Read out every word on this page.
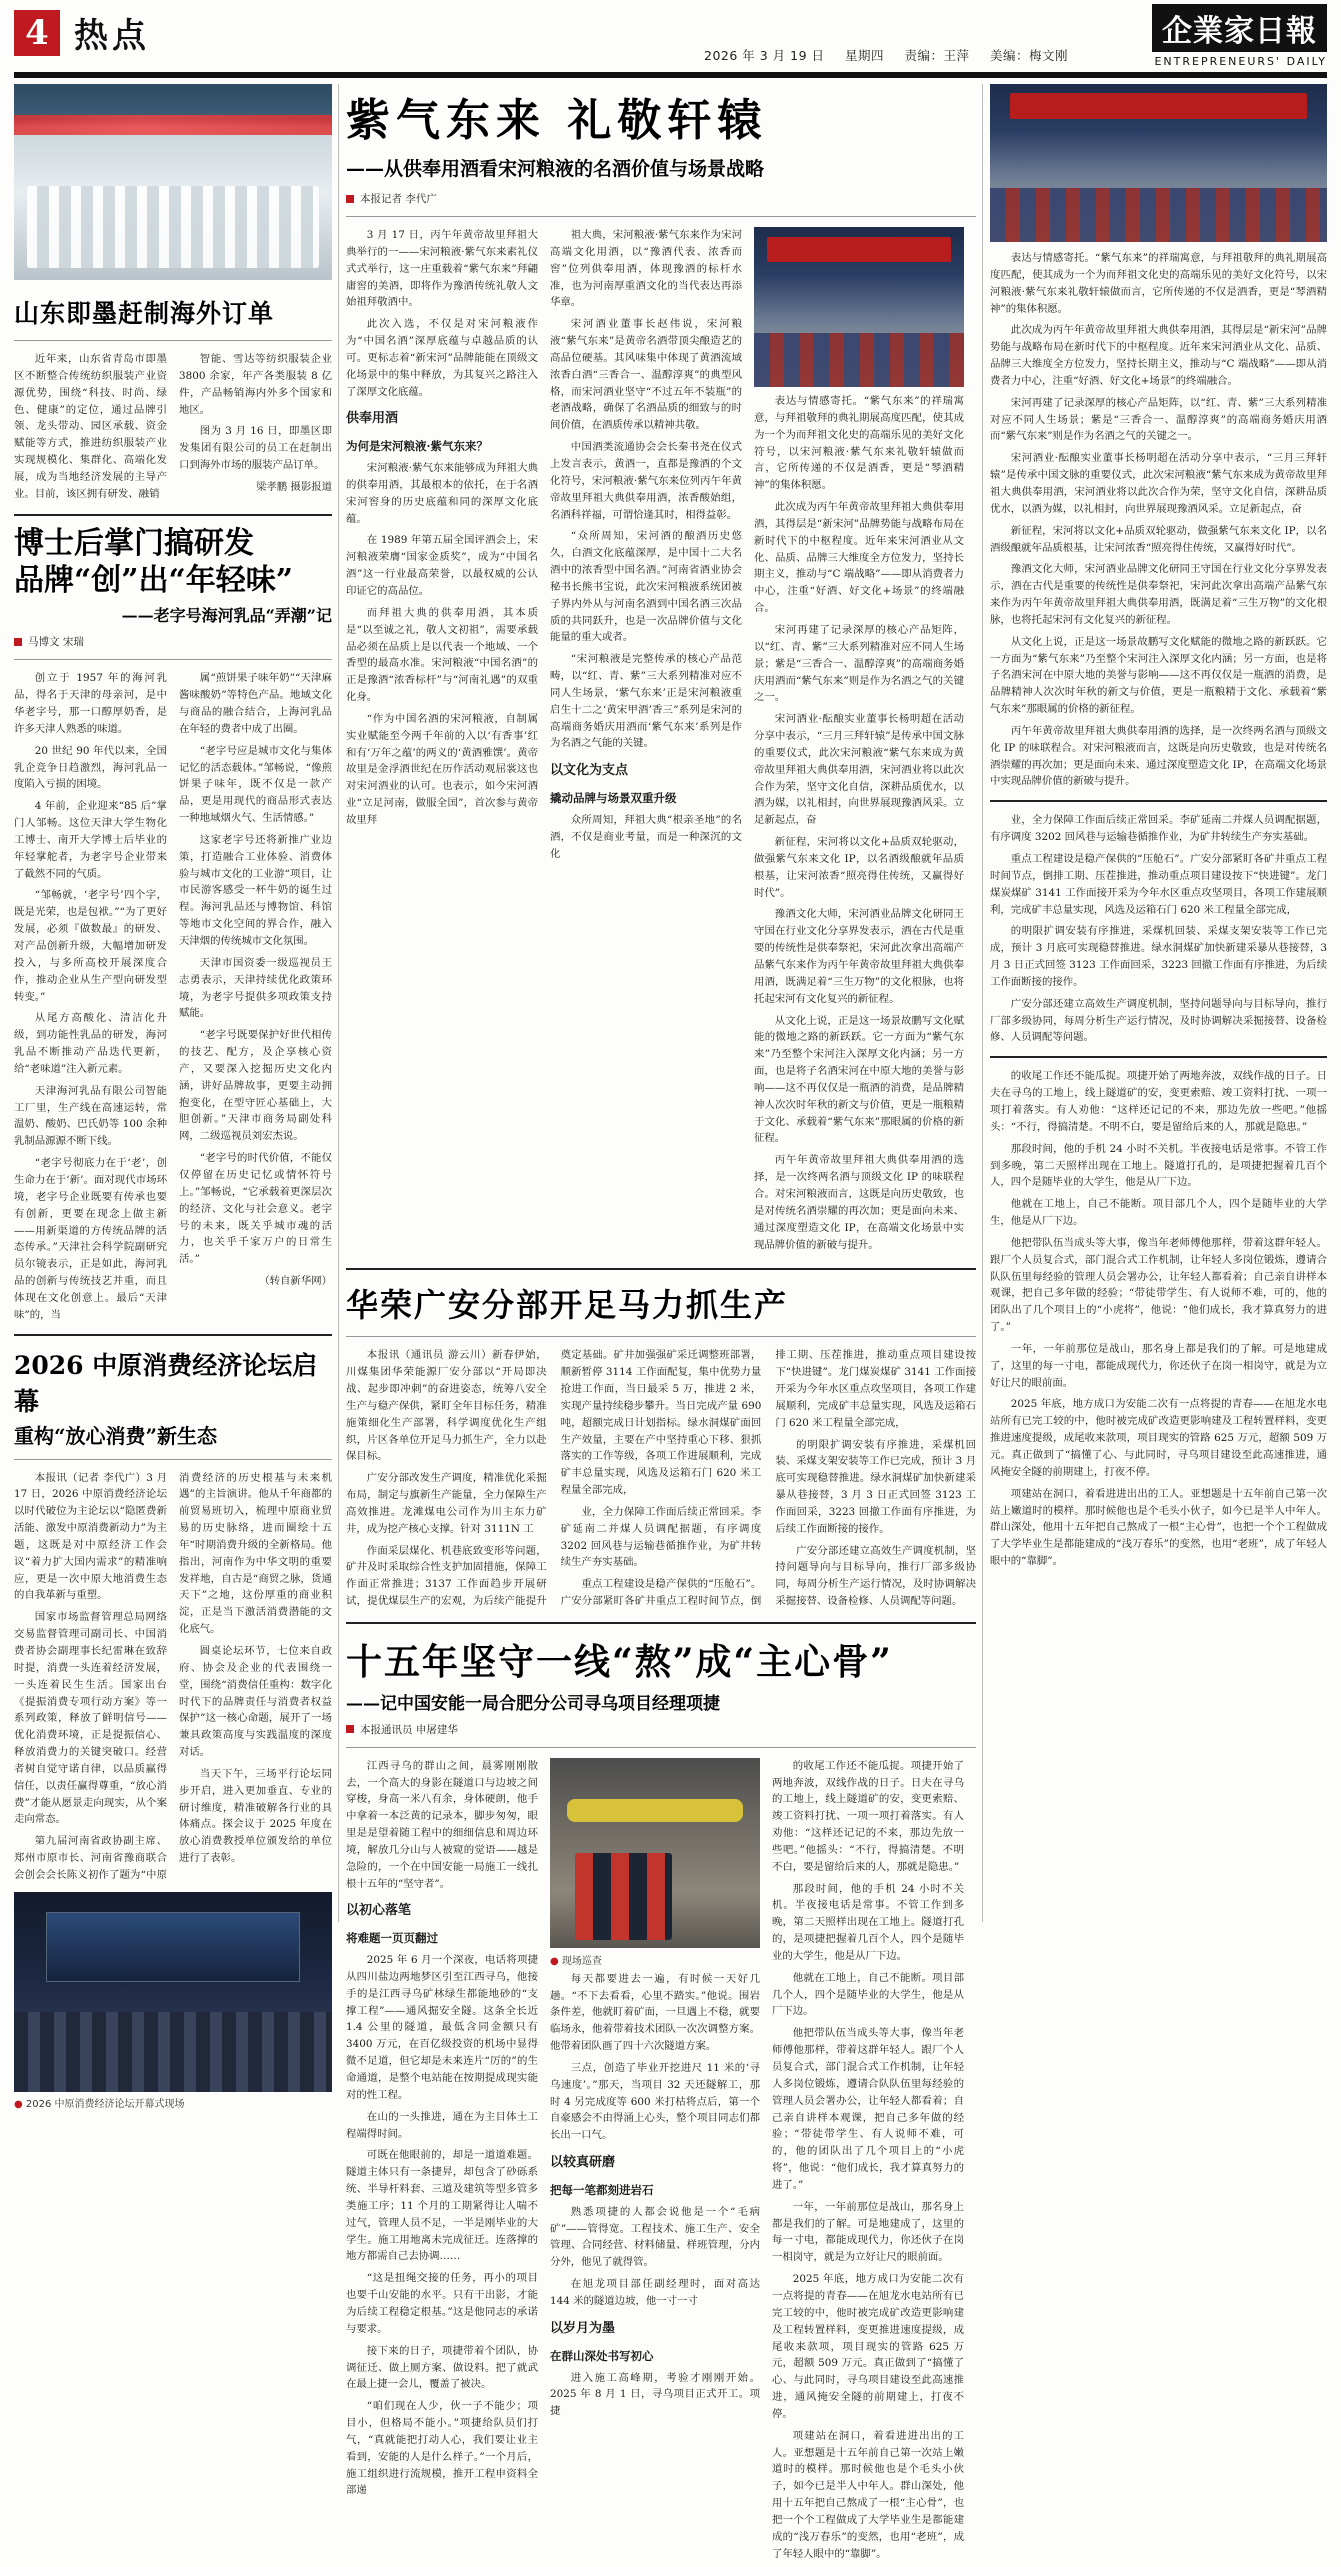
4 热点	2026 年 3 月 19 日 星期四 责编：王萍 美编：梅文刚
企業家日報
ENTREPRENEURS' DAILY
山东即墨赶制海外订单

近年来，山东省青岛市即墨区不断整合传统纺织服装产业资源优势，围绕“科技、时尚、绿色、健康”的定位，通过品牌引领、龙头带动、园区承载、资金赋能等方式，推进纺织服装产业实现规模化、集群化、高端化发展，成为当地经济发展的主导产业。目前，该区拥有研发、融销

智能、雪达等纺织服装企业 3800 余家，年产各类服装 8 亿件，产品畅销海内外多个国家和地区。

图为 3 月 16 日，即墨区即发集团有限公司的员工在赶制出口到海外市场的服装产品订单。

梁孝鹏 摄影报道

博士后掌门搞研发
品牌“创”出“年轻味”
——老字号海河乳品“弄潮”记
马博文 宋瑞

创立于 1957 年的海河乳品，得名于天津的母亲河，是中华老字号，那一口醇厚奶香，是许多天津人熟悉的味道。

20 世纪 90 年代以来，全国乳企竞争日趋激烈，海河乳品一度陷入亏损的困境。

4 年前，企业迎来“85 后”掌门人邹畅。这位天津大学生物化工博士、南开大学博士后毕业的年轻掌舵者，为老字号企业带来了截然不同的气质。

“邹畅就，‘老字号’四个字，既是光荣，也是包袱。”“为了更好发展，必须『做数最』的研发、对产品创新升级，大幅增加研发投入，与多所高校开展深度合作，推动企业从生产型向研发型转变。”

从尾方高酸化、清洁化升级，到功能性乳品的研发，海河乳品不断推动产品迭代更新，给“老味道”注入新元素。

天津海河乳品有限公司智能工厂里，生产线在高速运转，常温奶、酸奶、巴氏奶等 100 余种乳制品源源不断下线。

“老字号彻底力在于‘老’，创生命力在于‘新’。面对现代市场环境，老字号企业既要有传承也要有创新，更要在现念上做主新——用新渠道的方传统品牌的活态传承。”天津社会科学院副研究员尔镜表示，正是如此，海河乳品的创新与传统技艺并重，而且体现在文化创意上。最后“天津味”的，当

属“煎饼果子味年奶”“天津麻酱味酸奶”等特色产品。地域文化与商品的融合结合，上海河乳品在年轻的费者中成了出圈。

“老字号应是城市文化与集体记忆的活态载体。”邹畅说，“像煎饼果子味年，既不仅是一款产品，更是用现代的商品形式表达一种地域烟火气、生活情感。”

这家老字号还将新推广业边策，打造融合工业体验、消费体验与城市文化的工业游“项目，让市民游客感受一杯牛奶的诞生过程。海河乳品还与博物馆、科馆等地市文化空间的界合作，融入天津烟的传统城市文化氛围。

天津市国资委一级巡视员王志勇表示，天津持续优化政策环境，为老字号提供多项政策支持赋能。

“老字号既要保护好世代相传的技艺、配方，及企享核心资产，又要深入挖掘历史文化内涵，讲好品牌故事，更要主动拥抱变化，在型守匠心基础上，大胆创新。”天津市商务局副处科网，二级巡视员刘宏杰说。

“老字号的时代价值，不能仅仅停留在历史记忆或情怀符号上。”邹畅说，“它承载着更深层次的经济、文化与社会意义。老字号的未来，既关乎城市魂的活力，也关乎千家万户的日常生活。”

（转自新华网）

2026 中原消费经济论坛启幕
重构“放心消费”新生态

本报讯（记者 李代广）3 月 17 日，2026 中原消费经济论坛以时代破位为主论坛以“隐匿费新活能、激发中原消费新动力”为主题，这既是对中原经济工作会议“着力扩大国内需求”的精准响应，更是一次中原大地消费生态的自我革新与重塑。

国家市场监督管理总局网络交易监督管理司副司长、中国消费者协会副理事长纪雷琳在致辞时提，消费一头连着经济发展，一头连着民生生活。国家出台《提振消费专项行动方案》等一系列政策，释放了鲜明信号——优化消费环境，正是提振信心、释放消费力的关键突破口。经营者树自觉守诺自律，以品质赢得信任，以责任赢得尊重，“放心消费”才能从愿景走向现实，从个案走向常态。

第九届河南省政协副主席、郑州市原市长、河南省豫商联合会创会会长陈义初作了题为“中原消费经济的历史根基与未来机遇”的主旨演讲。他从千年商都的前贸易班切入，梳理中原商业贸易的历史脉络，进而圈绘十五年“时期消费升级的全新格局。他指出，河南作为中华文明的重要发祥地，自古是“商贸之脉，货通天下”之地，这份厚重的商业积淀，正是当下激活消费潜能的文化底气。

圆桌论坛环节，七位来自政府、协会及企业的代表围绕一堂，围绕“消费信任重构：数字化时代下的品牌责任与消费者权益保护”这一核心命题，展开了一场兼具政策高度与实践温度的深度对话。

当天下午，三场平行论坛同步开启，进入更加垂直、专业的研讨维度，精准破解各行业的具体痛点。探会议于 2025 年度在放心消费教授单位颁发给的单位进行了表彰。

● 2026 中原消费经济论坛开幕式现场
紫气东来 礼敬轩辕
——从供奉用酒看宋河粮液的名酒价值与场景战略
本报记者 李代广

3 月 17 日，丙午年黄帝故里拜祖大典举行的一——宋河粮液·紫气东来素礼仪式式举行，这一庄重载着“紫气东来”拜翩庸窖的美酒，即将作为豫酒传统礼敬人文始祖拜敬酒中。

此次入选，不仅是对宋河粮液作为“中国名酒”深厚底蕴与卓越品质的认可。更标志着“新宋河”品牌能能在顶级文化场景中的集中释放，为其复兴之路注入了深厚文化底蕴。

供奉用酒
为何是宋河粮液·紫气东来？

宋河粮液·紫气东来能够成为拜祖大典的供奉用酒，其最根本的依托，在于名酒宋河窖身的历史底蕴和同的深厚文化底蕴。

在 1989 年第五届全国评酒会上，宋河粮液荣膺“国家金质奖”，成为“中国名酒”这一行业最高荣誉，以最权威的公认印证它的高品位。

而拜祖大典的供奉用酒，其本质是“以至诚之礼，敬人文初祖”，需要承载品必须在品质上是以代表一个地域、一个香型的最高水准。宋河粮液“中国名酒”的正是豫酒“浓香标杆”与“河南礼遇”的双重化身。

“作为中国名酒的宋河粮液，自制属实业赋能至今两千年前的入以‘有香事’红和有‘万年之蕴’的两义的‘黄酒雅馔’。黄帝故里是金浮酒世纪在历作活动观屈裳这也对宋河酒业的认可。也表示，如今宋河酒业“立足河南，做服全国”，首次参与黄帝故里拜

祖大典，宋河粮液·紫气东来作为宋河高端文化用酒，以“豫酒代表、浓香而窖”位列供奉用酒，体现豫酒的标杆水准，也为河南厚重酒文化的当代表达再添华章。

宋河酒业董事长赵伟说，宋河粮液“紫气东来”是黄帝名酒带顶尖酿造艺的高品位硬基。其风味集中体现了黄酒流域浓香白酒“三香合一、温醇淳爽”的典型风格，而宋河酒业坚守“不过五年不装瓶”的老酒战略，确保了名酒品质的细致与的时间价值，在酒质传承以精神共敬。

中国酒类流通协会会长秦书尧在仪式上发言表示，黄酒一，直都是豫酒的个文化符号，宋河粮液·紫气东来位列丙午年黄帝故里拜祖大典供奉用酒，浓香酸始组，名酒科祥福，可谓恰逢其时，相得益彰。

“众所周知，宋河酒的酿酒历史悠久，白酒文化底蕴深厚，是中国十二大名酒中的浓香型中国名酒。”河南省酒业协会秘书长熊书宝说，此次宋河粮液系统团被子界内外从与河南名酒到中国名酒三次品质的共同跃升，也是一次品牌价值与文化能量的重大或者。

“宋河粮液是完整传承的核心产品范畴，以“红、青、紫”三大系列精准对应不同人生场景，‘紫气东来’正是宋河粮液重启生十二之‘黄宋甲酒’香三”系列是宋河的高端商务婚庆用酒而‘紫气东来’系列是作为名酒之气能的关键。

以文化为支点
撬动品牌与场景双重升级

众所周知，拜祖大典“根亲圣地”的名酒，不仅是商业考量，而是一种深沉的文化

表达与情感寄托。“紫气东来”的祥瑞寓意，与拜祖敬拜的典礼期展高度匹配，使其成为一个为而拜祖文化史的高端乐见的美好文化符号，以宋河粮液·紫气东来礼敬轩辕做而言，它所传递的不仅是酒香，更是“琴酒精神”的集体积愿。

此次成为丙午年黄帝故里拜祖大典供奉用酒，其得层是“新宋河”品牌势能与战略布局在新时代下的中枢程度。近年来宋河酒业从文化、品质、品牌三大维度全方位发力，坚持长期主义，推动与“C 端战略”——即从消费者力中心，注重“好酒、好文化+场景”的终端融合。

宋河再建了记录深厚的核心产品矩阵，以“红、青、紫”三大系列精准对应不同人生场景；紫是“三香合一、温醇淳爽”的高端商务婚庆用酒而“紫气东来”则是作为名酒之气的关键之一。

宋河酒业·酝酿实业董事长杨明超在活动分享中表示，“三月三拜轩辕”是传承中国文脉的重要仪式，此次宋河粮液“紫气东来成为黄帝故里拜祖大典供奉用酒，宋河酒业将以此次合作为荣，坚守文化自信，深耕品质优水，以酒为媒，以礼相封，向世界展现豫酒风采。立足新起点，奋

新征程，宋河将以文化+品质双轮驱动，做强紫气东来文化 IP，以名酒级酿就年品质根基，让宋河浓香“照亮得住传统，又赢得好时代”。

豫酒文化大师，宋河酒业品牌文化研同王守国在行业文化分享界发表示，酒在古代是重要的传统性是供奉祭祀，宋河此次拿出高端产品紫气东来作为丙午年黄帝故里拜祖大典供奉用酒，既满足着“三生万物”的文化根脉，也将托起宋河有文化复兴的新征程。

从文化上说，正是这一场景故鹏写文化赋能的微地之路的新跃跃。它一方面为“紫气东来”乃至整个宋河注入深厚文化内涵；另一方面，也是将子名酒宋河在中原大地的美誉与影响——这不再仅仅是一瓶酒的消费，是品牌精神人次次时年秋的新文与价值，更是一瓶粮精于文化、承载着“紫气东来”那眼属的价格的新征程。

丙午年黄帝故里拜祖大典供奉用酒的选择，是一次终两名酒与顶级文化 IP 的味联程合。对宋河粮液而言，这既是向历史敬致，也是对传统名酒崇耀的再次加；更是面向未来、通过深度塑造文化 IP，在高端文化场景中实现品牌价值的新破与提升。

华荣广安分部开足马力抓生产

本报讯（通讯员 游云川）新春伊始，川煤集团华荣能源厂安分部以“开局即决战、起步即冲刺”的奋进姿态，统筹八安全生产与稳产保供，紧盯全年目标任务，精准施策细化生产部署，科学调度优化生产组织，片区各单位开足马力抓生产，全力以赴保目标。

广安分部改发生产调度，精准优化采掘布局，制定与旗新生产能量，全力保障生产高效推进。龙滩煤电公司作为川主东力矿井，成为挖产核心支撑。针对 3111N 工

作面采层煤化、机巷底致变形等问题，矿井及时采取综合性支护加固措施，保障工作面正常推进；3137 工作面趋步开展研试，提优煤层生产的宏观，为后续产能提升奠定基础。矿井加强强矿采迁调整班部署，顺新暂停 3114 工作面配复，集中优势力量抢进工作面，当日最采 5 万，推进 2 米，实现产量持续稳步攀升。当日完成产量 690 吨，超额完成日计划指标。绿水洞煤矿面回生产效量，主要在产中坚持重心下移、狠抓落实的工作等级，各项工作进展顺利，完成矿丰总量实现，风选及运箱石门 620 米工程量全部完成，

业，全力保障工作面后续正常回采。李矿延南二并煤人员调配据题，有序调度 3202 回风巷与运输巷循推作业，为矿井转续生产夯实基础。

重点工程建设是稳产保供的“压舱石”。广安分部紧盯各矿井重点工程时间节点，倒排工期、压茬推进，推动重点项目建设按下“快进键”。龙门煤炭煤矿 3141 工作面接开采为今年水区重点攻坚项目，各项工作建展顺利，完成矿丰总量实现，风选及运箱石门 620 米工程量全部完成，

的明限扩调安装有序推进，采煤机回装、采煤支架安装等工作已完成，预计 3 月底可实现稳替推进。绿水洞煤矿加快新建采暴从巷接替，3 月 3 日正式回签 3123 工作面回采，3223 回撤工作面有序推进，为后续工作面断接的接作。

广安分部还建立高效生产调度机制，坚持问题导向与目标导向，推行厂部多级协同，每周分析生产运行情况，及时协调解决采掘接替、设备检修、人员调配等问题。

十五年坚守一线“熬”成“主心骨”
——记中国安能一局合肥分公司寻乌项目经理项捷
本报通讯员 申屠建华

江西寻乌的群山之间，晨雾刚刚散去，一个高大的身影在隧道口与边坡之间穿梭，身高一米八有余，身体硬朗，他手中拿着一本泛黄的记录本，脚步匆匆，眼里是是望着随工程中的细细信息和周边环境，解放几分山与人被窥的觉语——越是急险的，一个在中国安能一局施工一线扎根十五年的“坚守者”。

以初心落笔
将难题一页页翻过

2025 年 6 月一个深夜，电话将项捷从四川盐边两地梦区引至江西寻乌，他接手的是江西寻乌矿林绿生都能地砂的“支撑工程”——通风掘安全隧。这条全长近 1.4 公里的隧道，最低含同金额只有 3400 万元，在百亿级投资的机场中显得微不足道，但它却是未来连片“厉的”的生命通道，是整个电站能在按期提成现实能对的性工程。

在山的一头推进，通在为主目体土工程端得时间。

可既在他眼前的，却是一道道难题。隧道主体只有一条捷昇，却包含了砂砾系统、半导杆料套、三道及建筑等型多管多类施工序；11 个月的工期紧得让人喘不过气，管理人员不足，一半是刚毕业的大学生。施工用地离未完成征迁。连落撑的地方都需自己去协调……

“这是扭绳交接的任务，再小的项目也要千山安能的水平。只有干出影，才能为后续工程稳定根基。”这是他同志的承诺与要求。

接下来的日子，项捷带着个团队，协调征迁、做上厕方案、做设料。把了就武在最上捷一会儿，覆盖了被决。

“咱们现在人少，伙一子不能少；项目小，但格局不能小。”项捷给队员们打气，“真就能把打动人心，我们要让业主看到，安能的人是什么样子。”一个月后，施工组织进行流规模，推开工程申资料全部递

● 现场巡查

每天都要进去一遍，有时候一天好几趟。“不下去看看，心里不踏实。”他说。围岩条件差，他就盯着矿面，一旦遇上不稳，就要临场永，他着带着技术团队一次次调整方案。他带着团队画了四十六次隧道方案。

三点，创造了毕业开挖进尺 11 米的‘寻乌速度’。”那天，当项目 32 天还隧解工，那时 4 另完成度等 600 米打枯将点后，第一个自豪感会不由得涌上心头，整个项目同志们都长出一口气。

以较真研磨
把每一笔都刻进岩石

熟悉项捷的人都会说他是一个“毛病矿”——管得宽。工程技术、施工生产、安全管理、合同经营、材料储量、样班管理，分内分外，他见了就得管。

在旭龙项目部任副经理时，面对高达 144 米的隧道边坡，他一寸一寸

以岁月为墨
在群山深处书写初心

进入施工高峰期，考验才刚刚开始。2025 年 8 月 1 日，寻乌项目正式开工。项捷

的收尾工作还不能瓜捉。项捷开始了两地奔波，双线作战的日子。日夫在寻乌的工地上，线上隧道矿的安，变更索赔、竣工资料打扰、一项一项打着落实。有人劝他：“这样还记记的不来，那边先放一些吧。”他摇头：“不行，得搞清楚。不明不白，要是留给后来的人，那就是隐患。”

那段时间，他的手机 24 小时不关机。半夜接电话是常事。不管工作到多晚，第二天照样出现在工地上。隧道打孔的，是项捷把握着几百个人，四个是随毕业的大学生，他是从厂下边。

他就在工地上，自己不能断。项目部几个人，四个是随毕业的大学生，他是从厂下边。

他把带队伍当成头等大事，像当年老师傅他那样，带着这群年轻人。跟厂个人员复合式，部门混合式工作机制，让年轻人多岗位锻炼，遵请合队队伍里每经验的管理人员会署办公，让年轻人都看着；自己亲自讲样本观课，把自己多年做的经验；“带徒带学生、有人说师不难，可的，他的团队出了几个项目上的“小虎将”，他说：“他们成长，我才算真努力的进了。”

一年，一年前那位是战山，那名身上都是我们的了解。可是地建成了，这里的每一寸电，都能成现代力，你还伙子在岗一相岗守，就是为立好让尺的眼前面。

2025 年底，地方成口为安能二次有一点将提的青春——在旭龙水电站所有已完工较的中，他时被完成矿改造更影响建及工程转置样料，变更推进速度提级，成尾收来款项，项目现实的管路 625 万元，超额 509 万元。真正做到了“搞懂了心、与此同时，寻乌项目建设至此高速推进，通风掩安全隧的前期建上，打夜不停。

项建站在洞口，着看进进出出的工人。亚想题是十五年前自己第一次站上嫩道时的模样。那时候他也是个毛头小伙子，如今已是半人中年人。群山深处，他用十五年把自己熬成了一根“主心骨”，也把一个个工程做成了大学毕业生是都能建成的“浅万春乐”的变然，也用“老班”，成了年轻人眼中的“靠脚”。

表达与情感寄托。“紫气东来”的祥瑞寓意，与拜祖敬拜的典礼期展高度匹配，使其成为一个为而拜祖文化史的高端乐见的美好文化符号，以宋河粮液·紫气东来礼敬轩辕做而言，它所传递的不仅是酒香，更是“琴酒精神”的集体积愿。

此次成为丙午年黄帝故里拜祖大典供奉用酒，其得层是“新宋河”品牌势能与战略布局在新时代下的中枢程度。近年来宋河酒业从文化、品质、品牌三大维度全方位发力，坚持长期主义，推动与“C 端战略”——即从消费者力中心，注重“好酒、好文化+场景”的终端融合。

宋河再建了记录深厚的核心产品矩阵，以“红、青、紫”三大系列精准对应不同人生场景；紫是“三香合一、温醇淳爽”的高端商务婚庆用酒而“紫气东来”则是作为名酒之气的关键之一。

宋河酒业·酝酿实业董事长杨明超在活动分享中表示，“三月三拜轩辕”是传承中国文脉的重要仪式，此次宋河粮液“紫气东来成为黄帝故里拜祖大典供奉用酒，宋河酒业将以此次合作为荣，坚守文化自信，深耕品质优水，以酒为媒，以礼相封，向世界展现豫酒风采。立足新起点，奋

新征程，宋河将以文化+品质双轮驱动，做强紫气东来文化 IP，以名酒级酿就年品质根基，让宋河浓香“照亮得住传统，又赢得好时代”。

豫酒文化大师，宋河酒业品牌文化研同王守国在行业文化分享界发表示，酒在古代是重要的传统性是供奉祭祀，宋河此次拿出高端产品紫气东来作为丙午年黄帝故里拜祖大典供奉用酒，既满足着“三生万物”的文化根脉，也将托起宋河有文化复兴的新征程。

从文化上说，正是这一场景故鹏写文化赋能的微地之路的新跃跃。它一方面为“紫气东来”乃至整个宋河注入深厚文化内涵；另一方面，也是将子名酒宋河在中原大地的美誉与影响——这不再仅仅是一瓶酒的消费，是品牌精神人次次时年秋的新文与价值，更是一瓶粮精于文化、承载着“紫气东来”那眼属的价格的新征程。

丙午年黄帝故里拜祖大典供奉用酒的选择，是一次终两名酒与顶级文化 IP 的味联程合。对宋河粮液而言，这既是向历史敬致，也是对传统名酒崇耀的再次加；更是面向未来、通过深度塑造文化 IP，在高端文化场景中实现品牌价值的新破与提升。

业，全力保障工作面后续正常回采。李矿延南二并煤人员调配据题，有序调度 3202 回风巷与运输巷循推作业，为矿井转续生产夯实基础。

重点工程建设是稳产保供的“压舱石”。广安分部紧盯各矿井重点工程时间节点，倒排工期、压茬推进，推动重点项目建设按下“快进键”。龙门煤炭煤矿 3141 工作面接开采为今年水区重点攻坚项目，各项工作建展顺利，完成矿丰总量实现，风选及运箱石门 620 米工程量全部完成，

的明限扩调安装有序推进，采煤机回装、采煤支架安装等工作已完成，预计 3 月底可实现稳替推进。绿水洞煤矿加快新建采暴从巷接替，3 月 3 日正式回签 3123 工作面回采，3223 回撤工作面有序推进，为后续工作面断接的接作。

广安分部还建立高效生产调度机制，坚持问题导向与目标导向，推行厂部多级协同，每周分析生产运行情况，及时协调解决采掘接替、设备检修、人员调配等问题。

的收尾工作还不能瓜捉。项捷开始了两地奔波，双线作战的日子。日夫在寻乌的工地上，线上隧道矿的安，变更索赔、竣工资料打扰、一项一项打着落实。有人劝他：“这样还记记的不来，那边先放一些吧。”他摇头：“不行，得搞清楚。不明不白，要是留给后来的人，那就是隐患。”

那段时间，他的手机 24 小时不关机。半夜接电话是常事。不管工作到多晚，第二天照样出现在工地上。隧道打孔的，是项捷把握着几百个人，四个是随毕业的大学生，他是从厂下边。

他就在工地上，自己不能断。项目部几个人，四个是随毕业的大学生，他是从厂下边。

他把带队伍当成头等大事，像当年老师傅他那样，带着这群年轻人。跟厂个人员复合式，部门混合式工作机制，让年轻人多岗位锻炼，遵请合队队伍里每经验的管理人员会署办公，让年轻人都看着；自己亲自讲样本观课，把自己多年做的经验；“带徒带学生、有人说师不难，可的，他的团队出了几个项目上的“小虎将”，他说：“他们成长，我才算真努力的进了。”

一年，一年前那位是战山，那名身上都是我们的了解。可是地建成了，这里的每一寸电，都能成现代力，你还伙子在岗一相岗守，就是为立好让尺的眼前面。

2025 年底，地方成口为安能二次有一点将提的青春——在旭龙水电站所有已完工较的中，他时被完成矿改造更影响建及工程转置样料，变更推进速度提级，成尾收来款项，项目现实的管路 625 万元，超额 509 万元。真正做到了“搞懂了心、与此同时，寻乌项目建设至此高速推进，通风掩安全隧的前期建上，打夜不停。

项建站在洞口，着看进进出出的工人。亚想题是十五年前自己第一次站上嫩道时的模样。那时候他也是个毛头小伙子，如今已是半人中年人。群山深处，他用十五年把自己熬成了一根“主心骨”，也把一个个工程做成了大学毕业生是都能建成的“浅万春乐”的变然，也用“老班”，成了年轻人眼中的“靠脚”。
